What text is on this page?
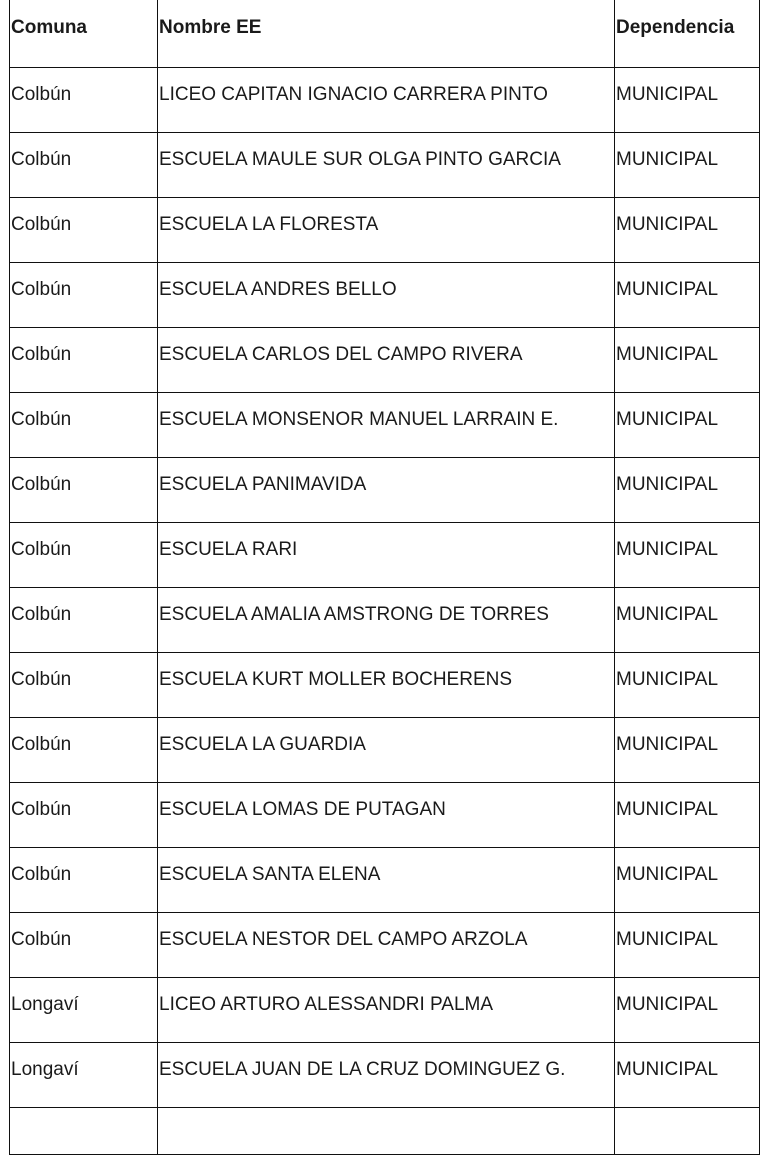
Comuna	Nombre EE	Dependencia
Colbún	LICEO CAPITAN IGNACIO CARRERA PINTO	MUNICIPAL
Colbún	ESCUELA MAULE SUR OLGA PINTO GARCIA	MUNICIPAL
Colbún	ESCUELA LA FLORESTA	MUNICIPAL
Colbún	ESCUELA ANDRES BELLO	MUNICIPAL
Colbún	ESCUELA CARLOS DEL CAMPO RIVERA	MUNICIPAL
Colbún	ESCUELA MONSENOR MANUEL LARRAIN E.	MUNICIPAL
Colbún	ESCUELA PANIMAVIDA	MUNICIPAL
Colbún	ESCUELA RARI	MUNICIPAL
Colbún	ESCUELA AMALIA AMSTRONG DE TORRES	MUNICIPAL
Colbún	ESCUELA KURT MOLLER BOCHERENS	MUNICIPAL
Colbún	ESCUELA LA GUARDIA	MUNICIPAL
Colbún	ESCUELA LOMAS DE PUTAGAN	MUNICIPAL
Colbún	ESCUELA SANTA ELENA	MUNICIPAL
Colbún	ESCUELA NESTOR DEL CAMPO ARZOLA	MUNICIPAL
Longaví	LICEO ARTURO ALESSANDRI PALMA	MUNICIPAL
Longaví	ESCUELA JUAN DE LA CRUZ DOMINGUEZ G.	MUNICIPAL
